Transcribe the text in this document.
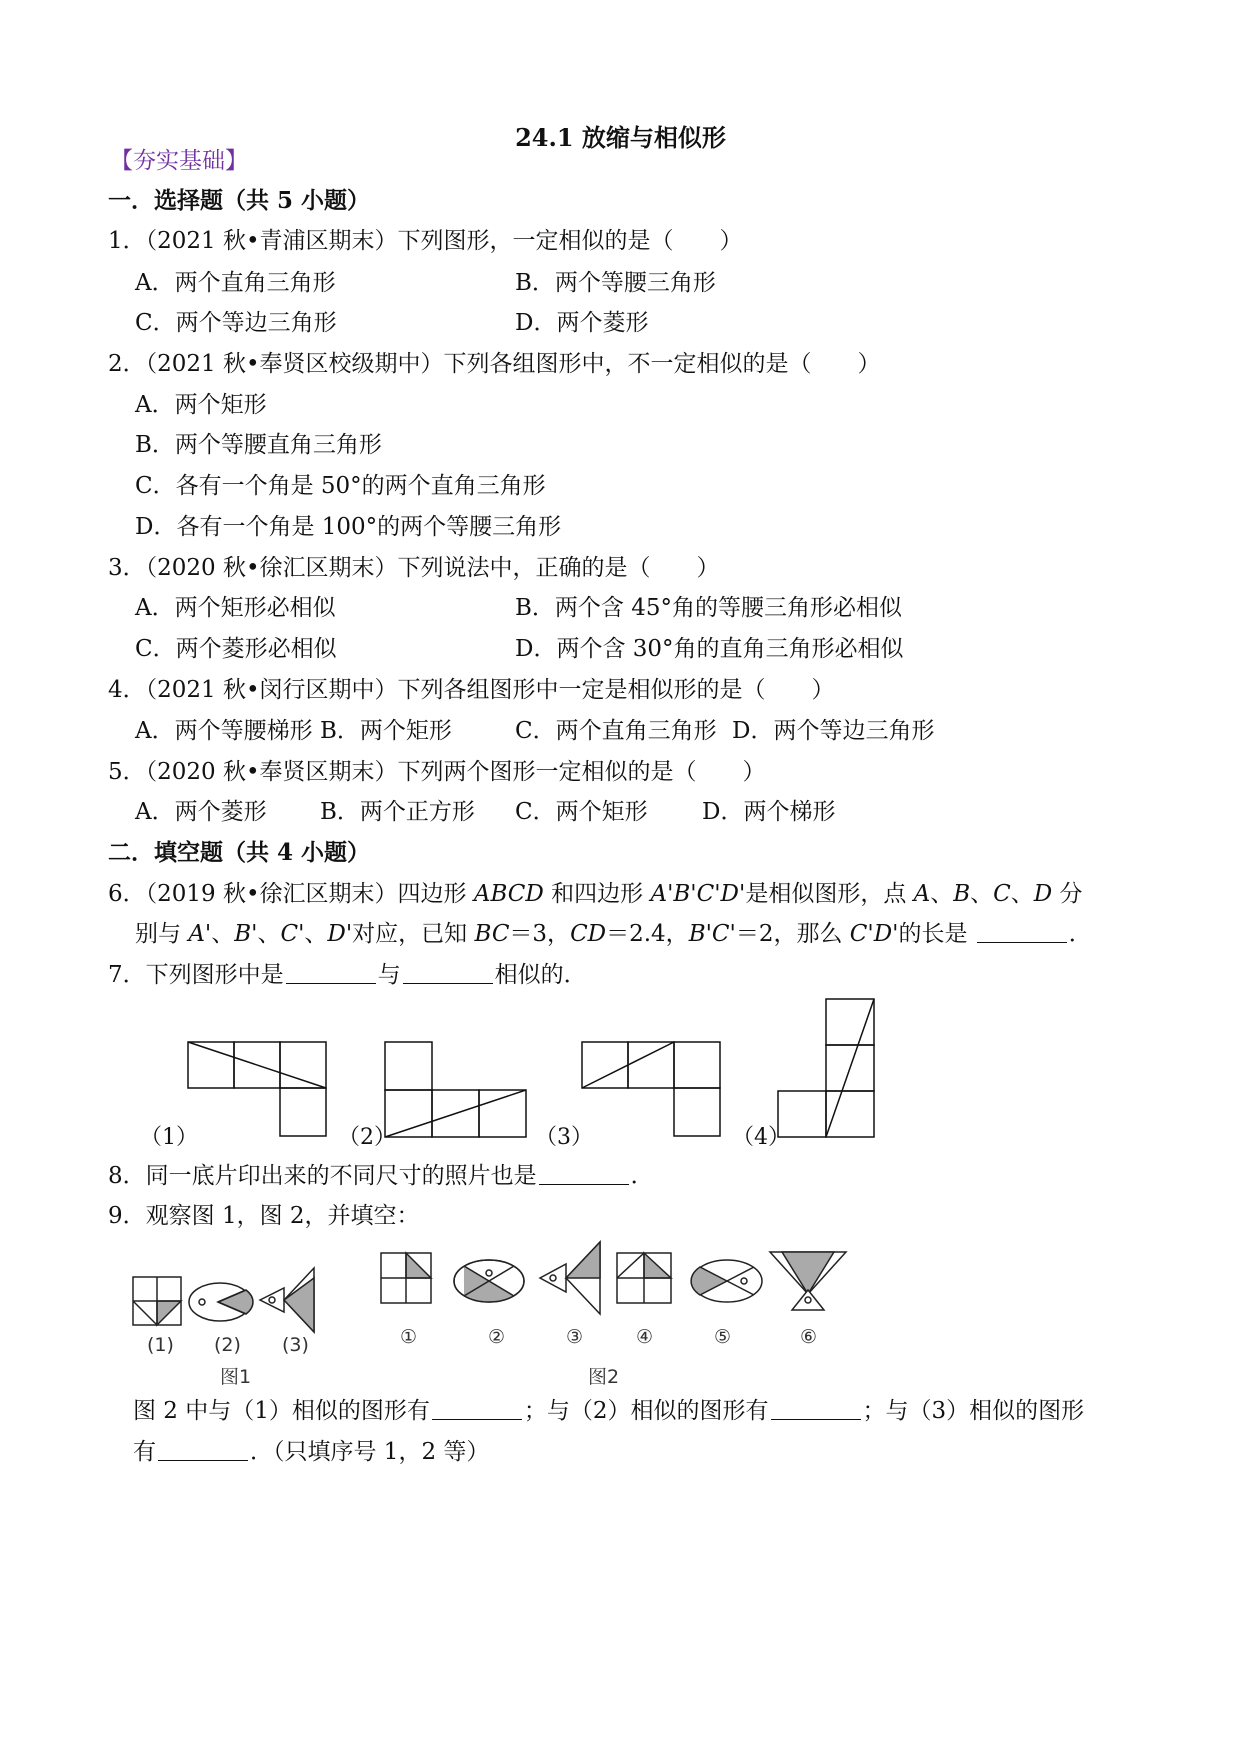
24.1 放缩与相似形
【夯实基础】
一．选择题（共 5 小题）
1．（2021 秋•青浦区期末）下列图形，一定相似的是（　　）
A．两个直角三角形	B．两个等腰三角形
C．两个等边三角形	D．两个菱形
2．（2021 秋•奉贤区校级期中）下列各组图形中，不一定相似的是（　　）
A．两个矩形
B．两个等腰直角三角形
C．各有一个角是 50°的两个直角三角形
D．各有一个角是 100°的两个等腰三角形
3．（2020 秋•徐汇区期末）下列说法中，正确的是（　　）
A．两个矩形必相似	B．两个含 45°角的等腰三角形必相似
C．两个菱形必相似	D．两个含 30°角的直角三角形必相似
4．（2021 秋•闵行区期中）下列各组图形中一定是相似形的是（　　）
A．两个等腰梯形 B．两个矩形	C．两个直角三角形 D．两个等边三角形
5．（2020 秋•奉贤区期末）下列两个图形一定相似的是（　　）
A．两个菱形 B．两个正方形 C．两个矩形 D．两个梯形
二．填空题（共 4 小题）
6．（2019 秋•徐汇区期末）四边形 ABCD 和四边形 A'B'C'D'是相似图形，点 A、B、C、D 分
别与 A'、B'、C'、D'对应，已知 BC＝3，CD＝2.4，B'C'＝2，那么 C'D'的长是	．
7．下列图形中是	与	相似的．
（1）	（2）	（3）	（4）
8．同一底片印出来的不同尺寸的照片也是	．
9．观察图 1，图 2，并填空：
(1) (2) (3)
图1
①	②	③	④	⑤	⑥
图2
图 2 中与（1）相似的图形有	；与（2）相似的图形有	；与（3）相似的图形
有	．（只填序号 1，2 等）
